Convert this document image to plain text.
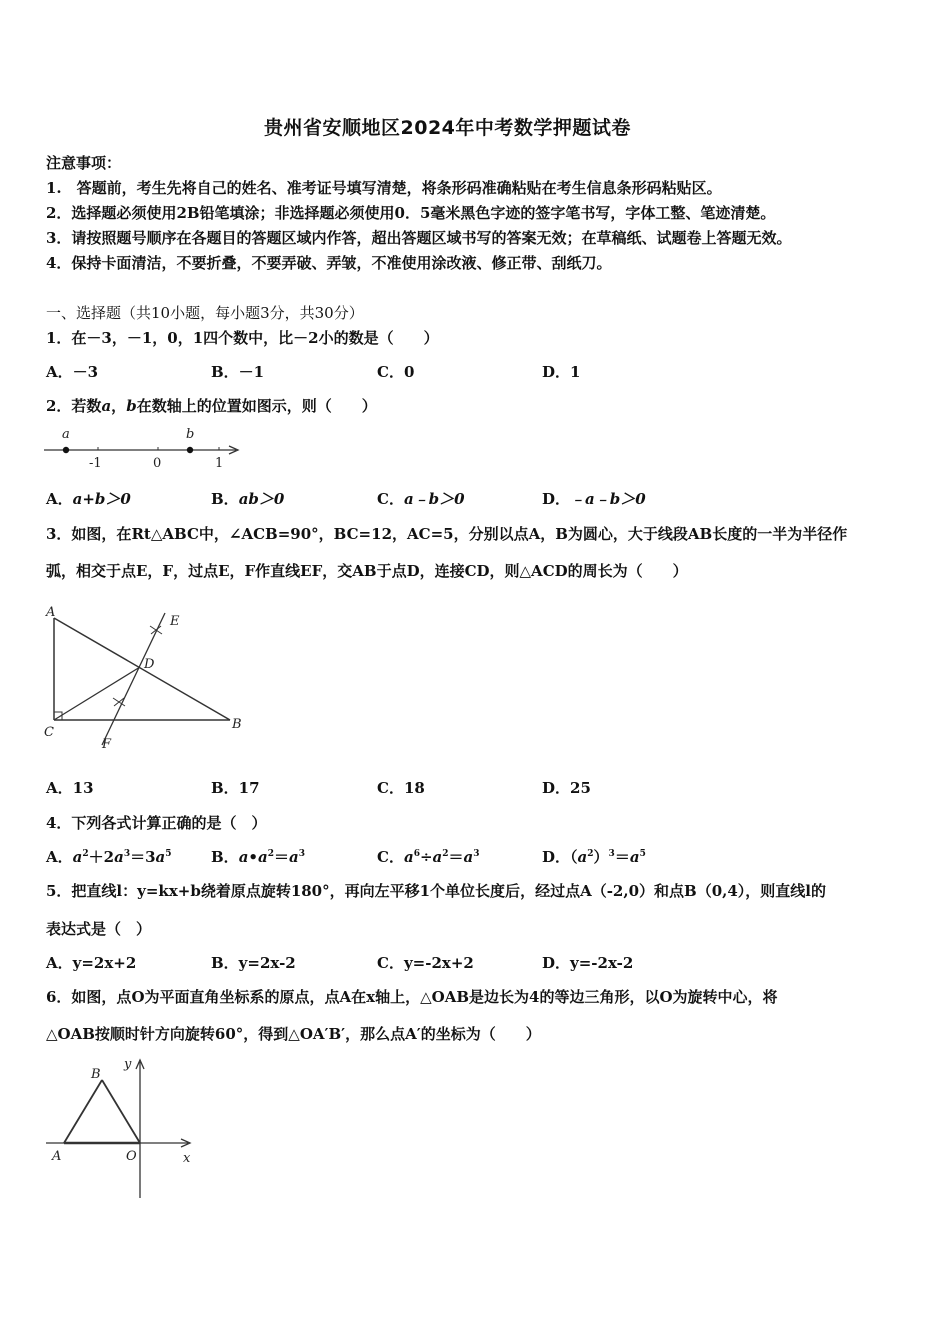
贵州省安顺地区2024年中考数学押题试卷
注意事项：
1.　答题前，考生先将自己的姓名、准考证号填写清楚，将条形码准确粘贴在考生信息条形码粘贴区。
2．选择题必须使用2B铅笔填涂；非选择题必须使用0．5毫米黑色字迹的签字笔书写，字体工整、笔迹清楚。
3．请按照题号顺序在各题目的答题区域内作答，超出答题区域书写的答案无效；在草稿纸、试题卷上答题无效。
4．保持卡面清洁，不要折叠，不要弄破、弄皱，不准使用涂改液、修正带、刮纸刀。
一、选择题（共10小题，每小题3分，共30分）
1．在－3，－1，0，1四个数中，比－2小的数是（　　）
A．－3	B．－1	C．0	D．1
2．若数a，b在数轴上的位置如图示，则（　　）
a	b
-1	0	1
A．a+b＞0	B．ab＞0	C．a﹣b＞0	D．﹣a﹣b＞0
3．如图，在Rt△ABC中，∠ACB=90°，BC=12，AC=5，分别以点A，B为圆心，大于线段AB长度的一半为半径作
弧，相交于点E，F，过点E，F作直线EF，交AB于点D，连接CD，则△ACD的周长为（　　）
A
C
B
D
E
F
A．13	B．17	C．18	D．25
4．下列各式计算正确的是（　）
A．$a^2+2a^3=3a^5$	B．$a•a^2=a^3$	C．$a^6\div a^2=a^3$	D．$(a^2)^3=a^5$
5．把直线l：y=kx+b绕着原点旋转180°，再向左平移1个单位长度后，经过点A（-2,0）和点B（0,4），则直线l的
表达式是（　）
A．y=2x+2	B．y=2x-2	C．y=-2x+2	D．y=-2x-2
6．如图，点O为平面直角坐标系的原点，点A在x轴上，△OAB是边长为4的等边三角形，以O为旋转中心，将
△OAB按顺时针方向旋转60°，得到△OA′B′，那么点A′的坐标为（　　）
B
A	O	x
y
